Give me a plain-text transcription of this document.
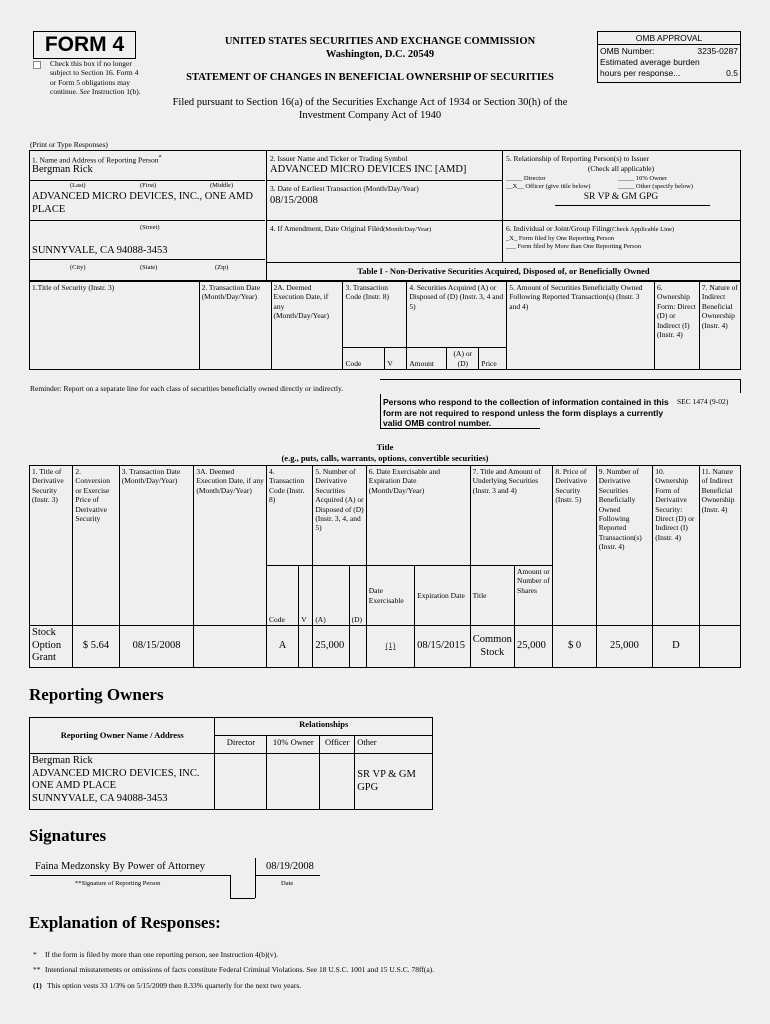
FORM 4
Check this box if no longer subject to Section 16. Form 4 or Form 5 obligations may continue. See Instruction 1(b).
UNITED STATES SECURITIES AND EXCHANGE COMMISSION
Washington, D.C. 20549
STATEMENT OF CHANGES IN BENEFICIAL OWNERSHIP OF SECURITIES
Filed pursuant to Section 16(a) of the Securities Exchange Act of 1934 or Section 30(h) of the Investment Company Act of 1940
OMB APPROVAL
OMB Number:	3235-0287
Estimated average burden
hours per response...	0.5
(Print or Type Responses)
1. Name and Address of Reporting Person*
Bergman Rick
(Last)	(First)	(Middle)
ADVANCED MICRO DEVICES, INC., ONE AMD PLACE
(Street)
SUNNYVALE, CA 94088-3453
(City)	(State)	(Zip)
2. Issuer Name and Ticker or Trading Symbol
ADVANCED MICRO DEVICES INC [AMD]
3. Date of Earliest Transaction (Month/Day/Year)
08/15/2008
4. If Amendment, Date Original Filed(Month/Day/Year)
5. Relationship of Reporting Person(s) to Issuer
(Check all applicable)
_____ Director	_____ 10% Owner
__X__ Officer (give title below)	_____ Other (specify below)
SR VP & GM GPG
6. Individual or Joint/Group Filing(Check Applicable Line)
_X_ Form filed by One Reporting Person
___ Form filed by More than One Reporting Person
Table I - Non-Derivative Securities Acquired, Disposed of, or Beneficially Owned
1.Title of Security (Instr. 3)	2. Transaction Date (Month/Day/Year)	2A. Deemed Execution Date, if any (Month/Day/Year)	3. Transaction Code (Instr. 8)		4. Securities Acquired (A) or Disposed of (D) (Instr. 3, 4 and 5)			5. Amount of Securities Beneficially Owned Following Reported Transaction(s) (Instr. 3 and 4)	6. Ownership Form: Direct (D) or Indirect (I) (Instr. 4)	7. Nature of Indirect Beneficial Ownership (Instr. 4)
			Code	V	Amount	(A) or (D)	Price			
Reminder: Report on a separate line for each class of securities beneficially owned directly or indirectly.
Persons who respond to the collection of information contained in this form are not required to respond unless the form displays a currently valid OMB control number.
SEC 1474 (9-02)
Title
(e.g., puts, calls, warrants, options, convertible securities)
1. Title of Derivative Security (Instr. 3)	2. Conversion or Exercise Price of Derivative Security	3. Transaction Date (Month/Day/Year)	3A. Deemed Execution Date, if any (Month/Day/Year)	4. Transaction Code (Instr. 8)		5. Number of Derivative Securities Acquired (A) or Disposed of (D) (Instr. 3, 4, and 5)		6. Date Exercisable and Expiration Date (Month/Day/Year)		7. Title and Amount of Underlying Securities (Instr. 3 and 4)		8. Price of Derivative Security (Instr. 5)	9. Number of Derivative Securities Beneficially Owned Following Reported Transaction(s) (Instr. 4)	10. Ownership Form of Derivative Security: Direct (D) or Indirect (I) (Instr. 4)	11. Nature of Indirect Beneficial Ownership (Instr. 4)
				Code	V	(A)	(D)	Date Exercisable	Expiration Date	Title	Amount or Number of Shares				
Stock Option Grant	$ 5.64	08/15/2008		A		25,000		(1)	08/15/2015	Common Stock	25,000	$ 0	25,000	D	
Reporting Owners
Reporting Owner Name / Address	Relationships			
	Director	10% Owner	Officer	Other

Bergman Rick
ADVANCED MICRO DEVICES, INC.
ONE AMD PLACE
SUNNYVALE, CA 94088-3453				SR VP & GM GPG
Signatures
Faina Medzonsky By Power of Attorney
**Signature of Reporting Person
08/19/2008
Date
Explanation of Responses:
* If the form is filed by more than one reporting person, see Instruction 4(b)(v).
** Intentional misstatements or omissions of facts constitute Federal Criminal Violations. See 18 U.S.C. 1001 and 15 U.S.C. 78ff(a).
(1) This option vests 33 1/3% on 5/15/2009 then 8.33% quarterly for the next two years.
